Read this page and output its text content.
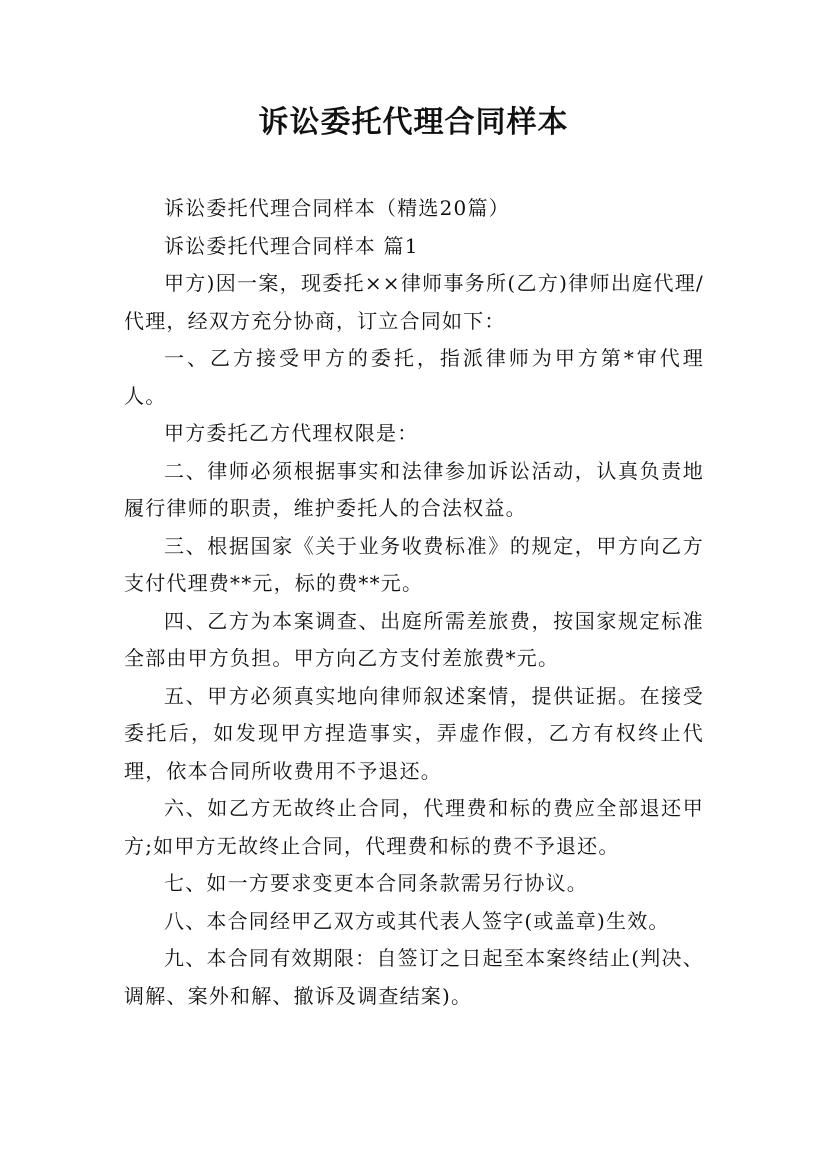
诉讼委托代理合同样本

诉讼委托代理合同样本（精选20篇）

诉讼委托代理合同样本 篇1

甲方)因一案，现委托××律师事务所(乙方)律师出庭代理/代理，经双方充分协商，订立合同如下：

一、乙方接受甲方的委托，指派律师为甲方第*审代理人。

甲方委托乙方代理权限是：

二、律师必须根据事实和法律参加诉讼活动，认真负责地履行律师的职责，维护委托人的合法权益。

三、根据国家《关于业务收费标准》的规定，甲方向乙方支付代理费**元，标的费**元。

四、乙方为本案调查、出庭所需差旅费，按国家规定标准全部由甲方负担。甲方向乙方支付差旅费*元。

五、甲方必须真实地向律师叙述案情，提供证据。在接受委托后，如发现甲方捏造事实，弄虚作假，乙方有权终止代理，依本合同所收费用不予退还。

六、如乙方无故终止合同，代理费和标的费应全部退还甲方;如甲方无故终止合同，代理费和标的费不予退还。

七、如一方要求变更本合同条款需另行协议。

八、本合同经甲乙双方或其代表人签字(或盖章)生效。

九、本合同有效期限：自签订之日起至本案终结止(判决、调解、案外和解、撤诉及调查结案)。
